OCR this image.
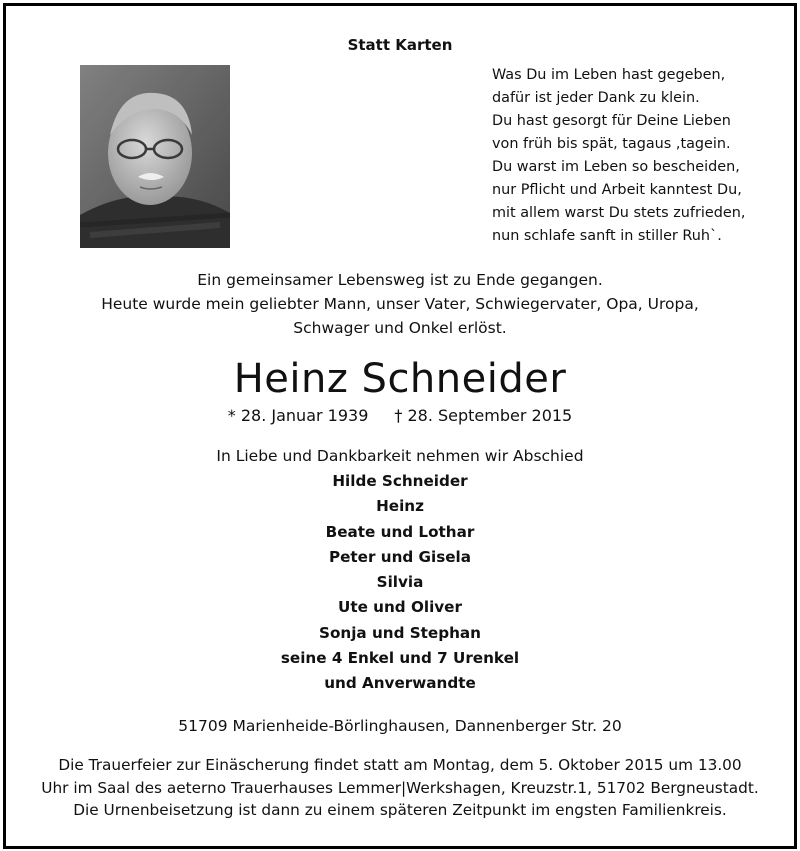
Statt Karten
Was Du im Leben hast gegeben,
dafür ist jeder Dank zu klein.
Du hast gesorgt für Deine Lieben
von früh bis spät, tagaus ,tagein.
Du warst im Leben so bescheiden,
nur Pflicht und Arbeit kanntest Du,
mit allem warst Du stets zufrieden,
nun schlafe sanft in stiller Ruh`.
Ein gemeinsamer Lebensweg ist zu Ende gegangen.
Heute wurde mein geliebter Mann, unser Vater, Schwiegervater, Opa, Uropa,
Schwager und Onkel erlöst.
Heinz Schneider
* 28. Januar 1939 † 28. September 2015
In Liebe und Dankbarkeit nehmen wir Abschied
Hilde Schneider
Heinz
Beate und Lothar
Peter und Gisela
Silvia
Ute und Oliver
Sonja und Stephan
seine 4 Enkel und 7 Urenkel
und Anverwandte
51709 Marienheide-Börlinghausen, Dannenberger Str. 20
Die Trauerfeier zur Einäscherung findet statt am Montag, dem 5. Oktober 2015 um 13.00
Uhr im Saal des aeterno Trauerhauses Lemmer|Werkshagen, Kreuzstr.1, 51702 Bergneustadt.
Die Urnenbeisetzung ist dann zu einem späteren Zeitpunkt im engsten Familienkreis.
